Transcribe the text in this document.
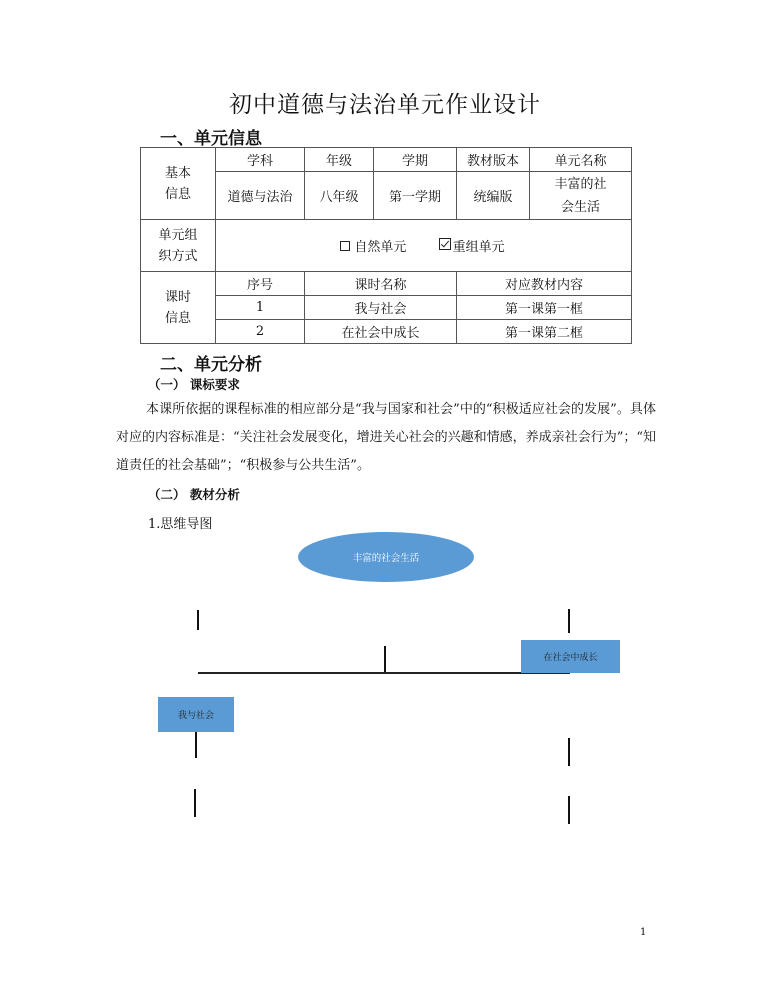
初中道德与法治单元作业设计
一、单元信息
基本
信息	学科	年级	学期	教材版本	单元名称
	道德与法治	八年级	第一学期	统编版	丰富的社
会生活

单元组
织方式	自然单元 重组单元				

课时
信息	序号	课时名称		对应教材内容	
	1	我与社会		第一课第一框	
	2	在社会中成长		第一课第二框	
二、单元分析
（一） 课标要求
本课所依据的课程标准的相应部分是“我与国家和社会”中的“积极适应社会的发展”。具体对应的内容标准是：“关注社会发展变化，增进关心社会的兴趣和情感，养成亲社会行为”；“知道责任的社会基础”；“积极参与公共生活”。
（二） 教材分析
1.思维导图
丰富的社会生活
在社会中成长
我与社会
1
